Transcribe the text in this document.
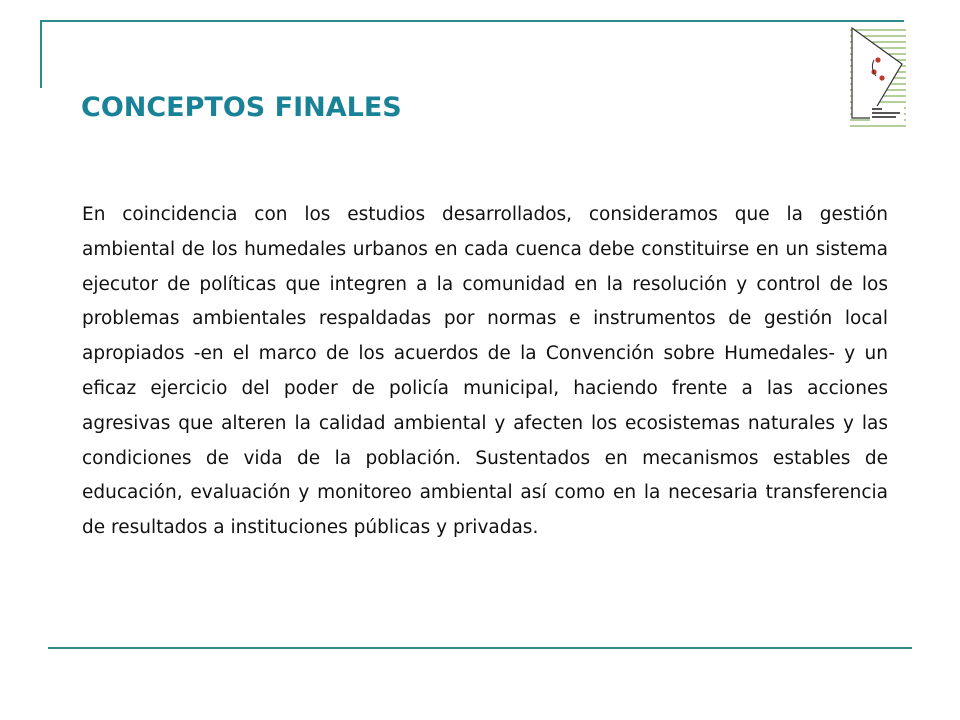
CONCEPTOS FINALES

En coincidencia con los estudios desarrollados, consideramos que la gestión ambiental de los humedales urbanos en cada cuenca debe constituirse en un sistema ejecutor de políticas que integren a la comunidad en la resolución y control de los problemas ambientales respaldadas por normas e instrumentos de gestión local apropiados -en el marco de los acuerdos de la Convención sobre Humedales- y un eficaz ejercicio del poder de policía municipal, haciendo frente a las acciones agresivas que alteren la calidad ambiental y afecten los ecosistemas naturales y las condiciones de vida de la población. Sustentados en mecanismos estables de educación, evaluación y monitoreo ambiental así como en la necesaria transferencia de resultados a instituciones públicas y privadas.
